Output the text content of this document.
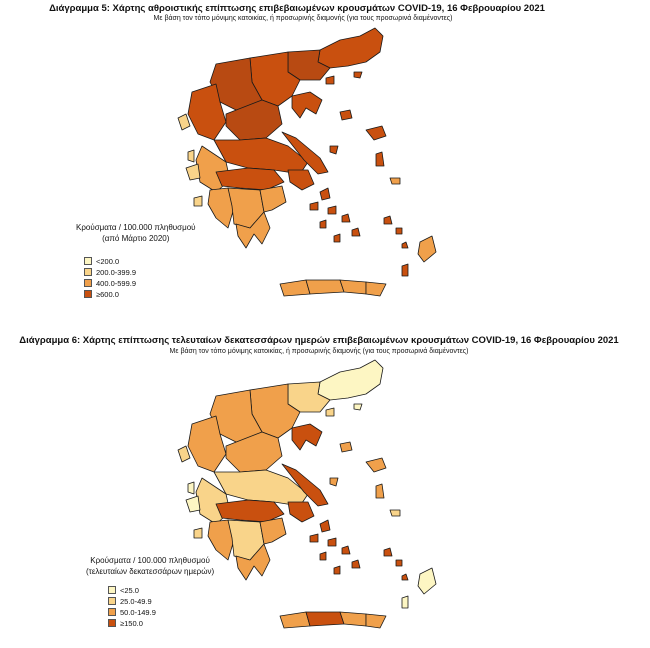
Διάγραμμα 5: Χάρτης αθροιστικής επίπτωσης επιβεβαιωμένων κρουσμάτων COVID-19, 16 Φεβρουαρίου 2021
Με βάση τον τόπο μόνιμης κατοικίας, ή προσωρινής διαμονής (για τους προσωρινά διαμένοντες)
Κρούσματα / 100.000 πληθυσμού
(από Μάρτιο 2020)
<200.0
200.0-399.9
400.0-599.9
≥600.0
Διάγραμμα 6: Χάρτης επίπτωσης τελευταίων δεκατεσσάρων ημερών επιβεβαιωμένων κρουσμάτων COVID-19, 16 Φεβρουαρίου 2021
Με βάση τον τόπο μόνιμης κατοικίας, ή προσωρινής διαμονής (για τους προσωρινά διαμένοντες)
Κρούσματα / 100.000 πληθυσμού
(τελευταίων δεκατεσσάρων ημερών)
<25.0
25.0-49.9
50.0-149.9
≥150.0
